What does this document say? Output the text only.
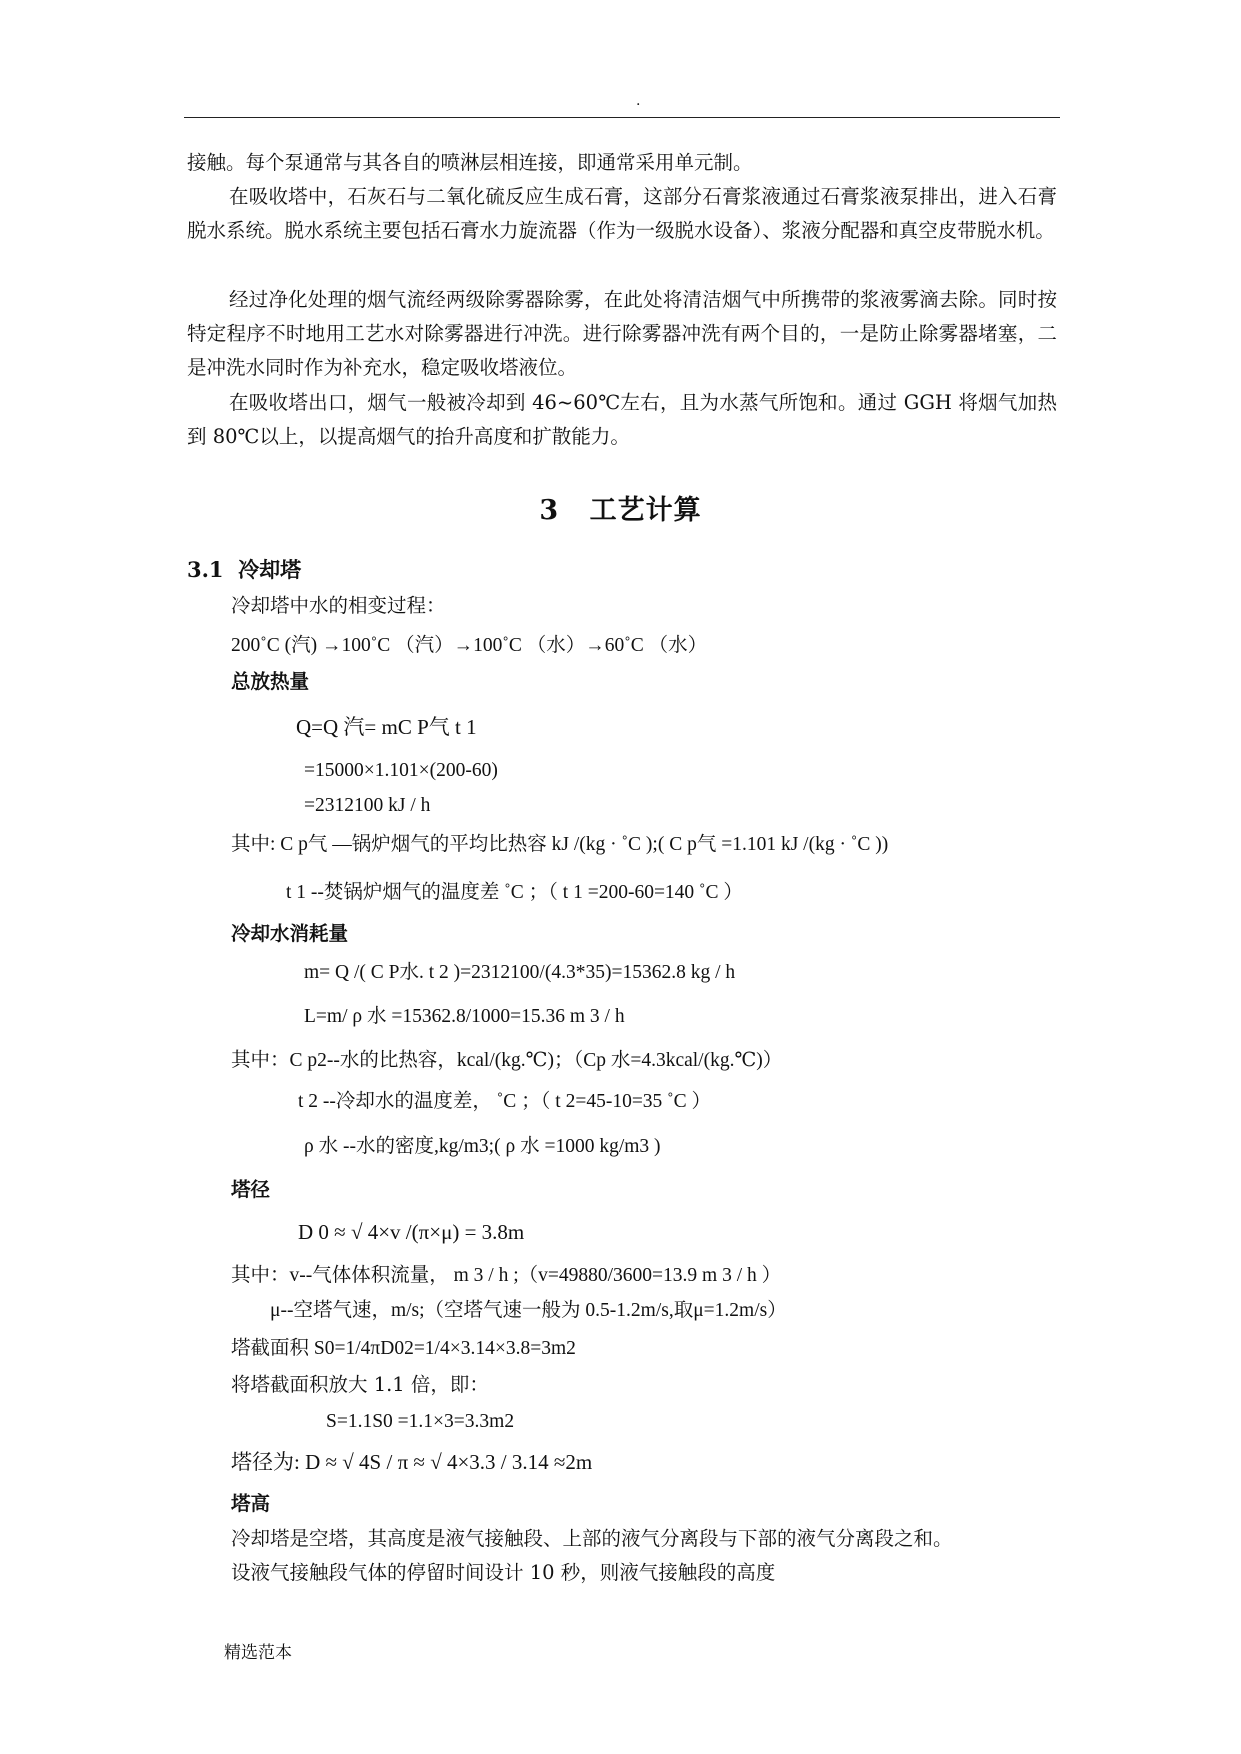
.
接触。每个泵通常与其各自的喷淋层相连接，即通常采用单元制。
在吸收塔中，石灰石与二氧化硫反应生成石膏，这部分石膏浆液通过石膏浆液泵排出，进入石膏脱水系统。脱水系统主要包括石膏水力旋流器（作为一级脱水设备）、浆液分配器和真空皮带脱水机。
经过净化处理的烟气流经两级除雾器除雾，在此处将清洁烟气中所携带的浆液雾滴去除。同时按特定程序不时地用工艺水对除雾器进行冲洗。进行除雾器冲洗有两个目的，一是防止除雾器堵塞，二是冲洗水同时作为补充水，稳定吸收塔液位。
在吸收塔出口，烟气一般被冷却到 46~60℃左右，且为水蒸气所饱和。通过 GGH 将烟气加热到 80℃以上，以提高烟气的抬升高度和扩散能力。
3 工艺计算
3.1 冷却塔
冷却塔中水的相变过程：
200˚C (汽) →100˚C （汽）→100˚C （水）→60˚C （水）
总放热量
Q=Q 汽= mC P气 t 1
=15000×1.101×(200-60)
=2312100 kJ / h
其中: C p气 —锅炉烟气的平均比热容 kJ /(kg · ˚C );( C p气 =1.101 kJ /(kg · ˚C ))
t 1 --焚锅炉烟气的温度差 ˚C ；（ t 1 =200-60=140 ˚C ）
冷却水消耗量
m= Q /( C P水. t 2 )=2312100/(4.3*35)=15362.8 kg / h
L=m/ ρ 水 =15362.8/1000=15.36 m 3 / h
其中：C p2--水的比热容，kcal/(kg.℃)；（Cp 水=4.3kcal/(kg.℃)）
t 2 --冷却水的温度差， ˚C ；（ t 2=45-10=35 ˚C ）
ρ 水 --水的密度,kg/m3;( ρ 水 =1000 kg/m3 )
塔径
D 0 ≈ √ 4×v /(π×μ) = 3.8m
其中：v--气体体积流量， m 3 / h ;（v=49880/3600=13.9 m 3 / h ）
μ--空塔气速，m/s;（空塔气速一般为 0.5-1.2m/s,取μ=1.2m/s）
塔截面积 S0=1/4πD02=1/4×3.14×3.8=3m2
将塔截面积放大 1.1 倍，即：
S=1.1S0 =1.1×3=3.3m2
塔径为: D ≈ √ 4S / π ≈ √ 4×3.3 / 3.14 ≈2m
塔高
冷却塔是空塔，其高度是液气接触段、上部的液气分离段与下部的液气分离段之和。
设液气接触段气体的停留时间设计 10 秒，则液气接触段的高度
精选范本
